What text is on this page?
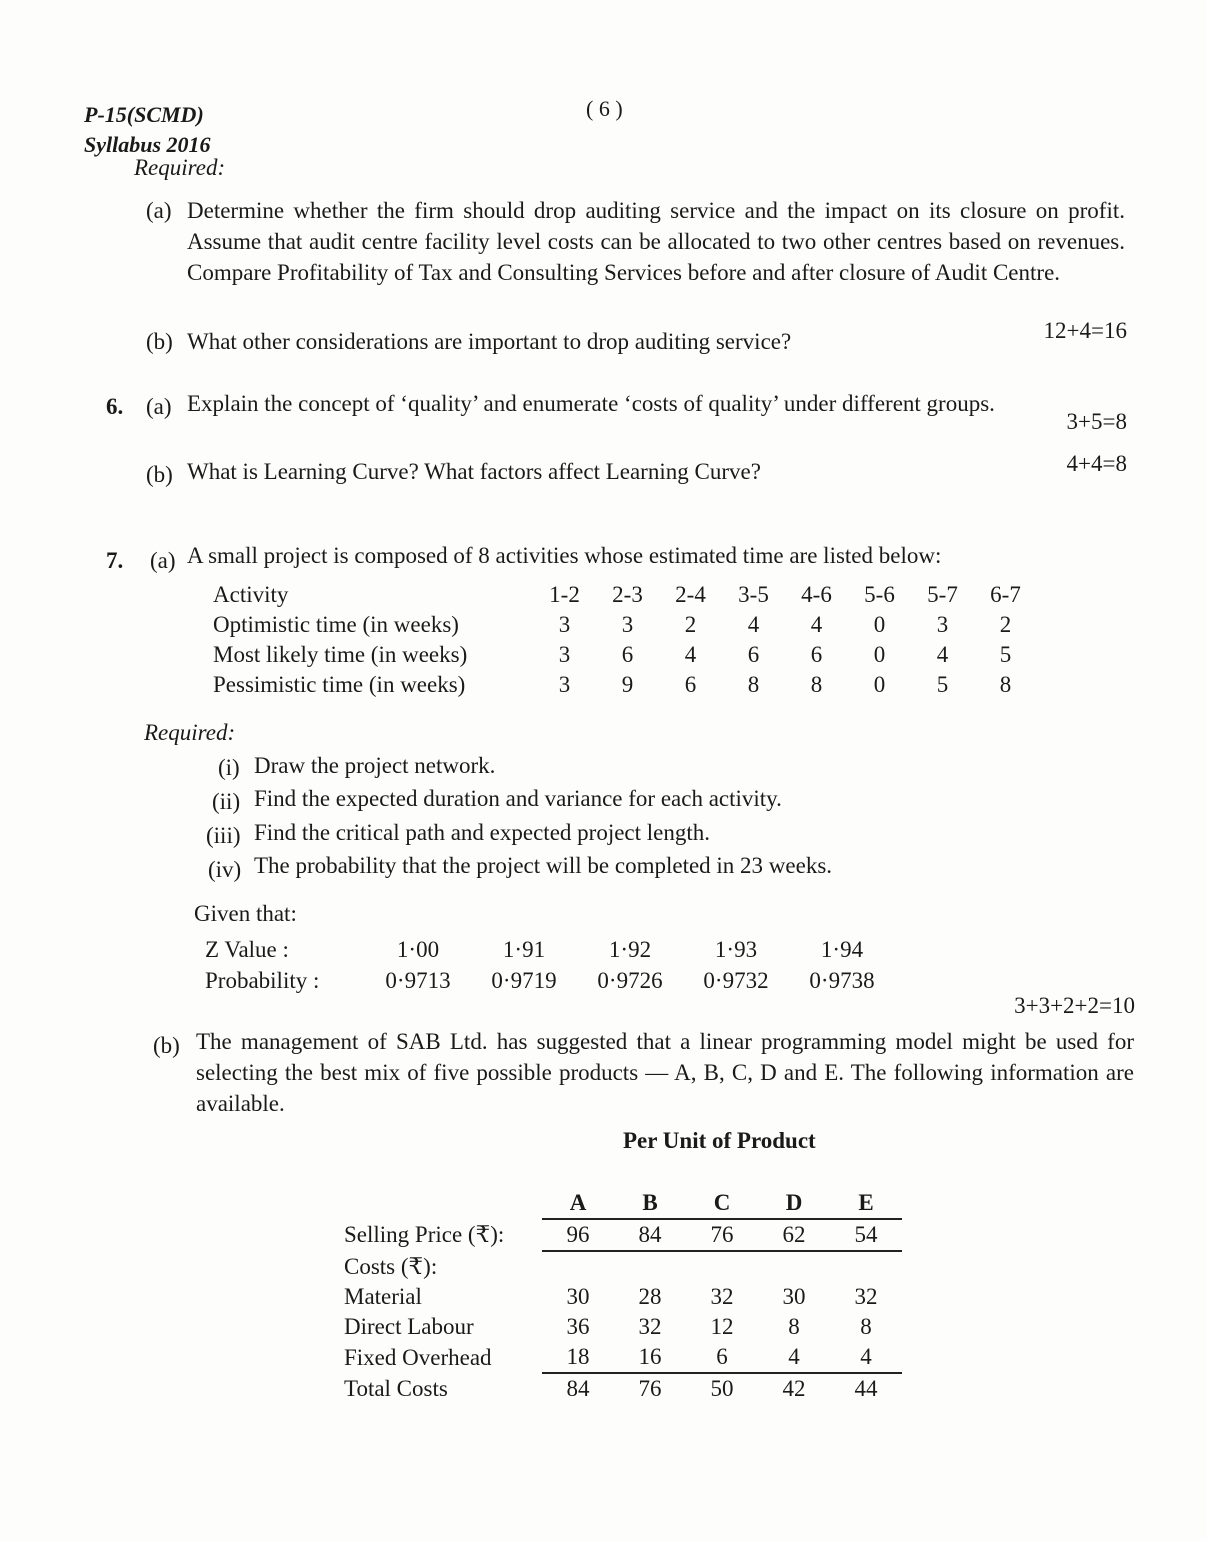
P-15(SCMD)
Syllabus 2016
( 6 )
Required:
(a) Determine whether the firm should drop auditing service and the impact on its closure on profit. Assume that audit centre facility level costs can be allocated to two other centres based on revenues. Compare Profitability of Tax and Consulting Services before and after closure of Audit Centre.
(b) What other considerations are important to drop auditing service?	12+4=16
6. (a) Explain the concept of ‘quality’ and enumerate ‘costs of quality’ under different groups.
3+5=8
(b) What is Learning Curve? What factors affect Learning Curve?	4+4=8
7. (a) A small project is composed of 8 activities whose estimated time are listed below:
Activity	1-2	2-3	2-4	3-5	4-6	5-6	5-7	6-7
Optimistic time (in weeks)	3	3	2	4	4	0	3	2
Most likely time (in weeks)	3	6	4	6	6	0	4	5
Pessimistic time (in weeks)	3	9	6	8	8	0	5	8
Required:
(i) Draw the project network.
(ii) Find the expected duration and variance for each activity.
(iii) Find the critical path and expected project length.
(iv) The probability that the project will be completed in 23 weeks.
Given that:
Z Value :	1·00	1·91	1·92	1·93	1·94
Probability :	0·9713	0·9719	0·9726	0·9732	0·9738
3+3+2+2=10
(b) The management of SAB Ltd. has suggested that a linear programming model might be used for selecting the best mix of five possible products — A, B, C, D and E. The following information are available.
Per Unit of Product
	A	B	C	D	E
Selling Price (₹):	96	84	76	62	54
Costs (₹):					
Material	30	28	32	30	32
Direct Labour	36	32	12	8	8
Fixed Overhead	18	16	6	4	4
Total Costs	84	76	50	42	44
